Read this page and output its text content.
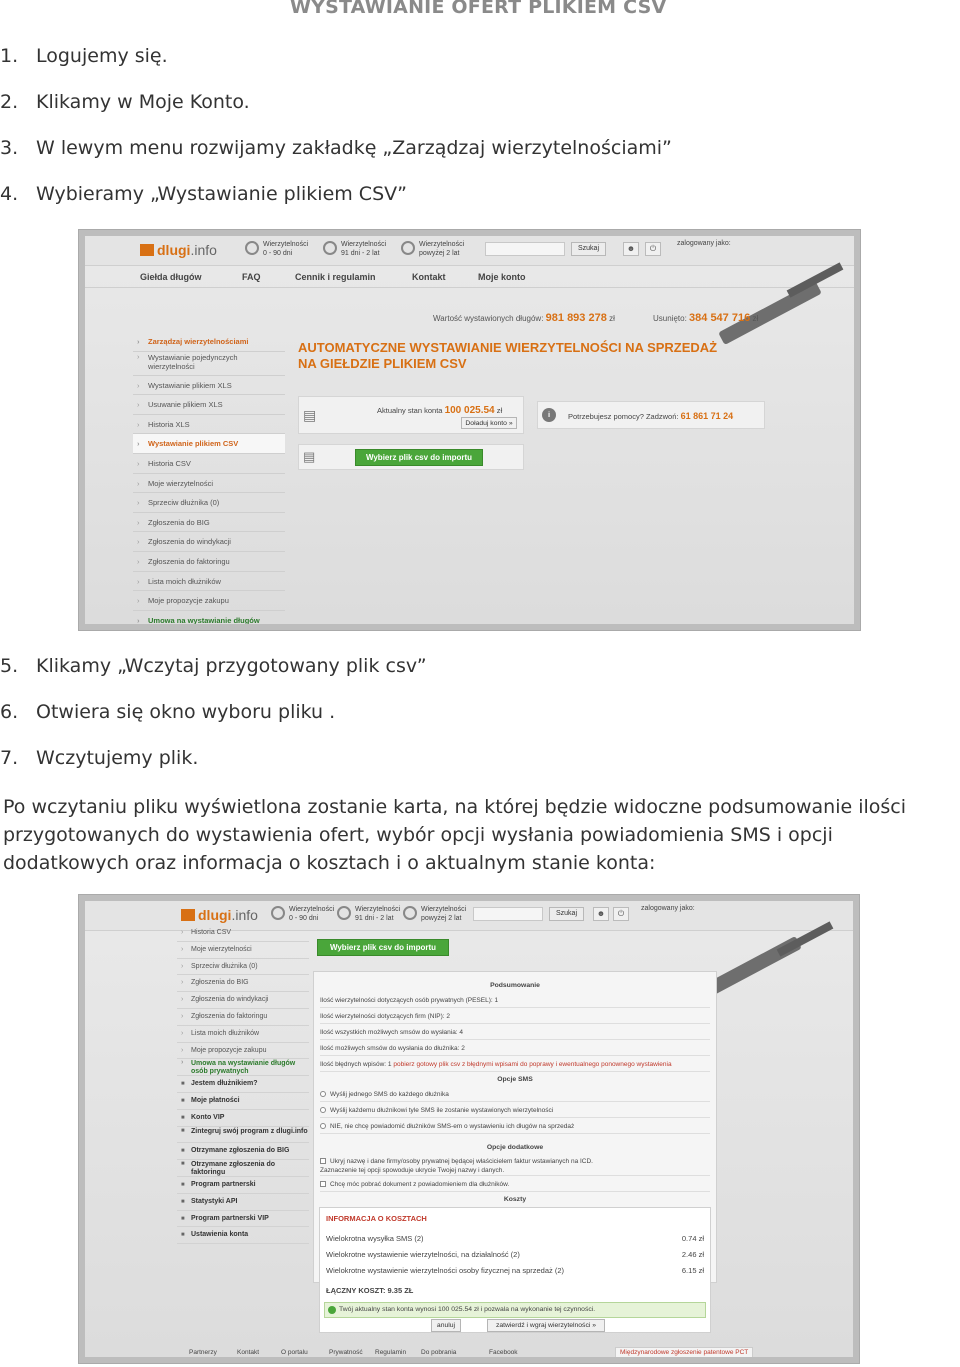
WYSTAWIANIE OFERT PLIKIEM CSV
1. Logujemy się.
2. Klikamy w Moje Konto.
3. W lewym menu rozwijamy zakładkę „Zarządzaj wierzytelnościami”
4. Wybieramy „Wystawianie plikiem CSV”
dlugi.info	Wierzytelności
0 - 90 dni
Wierzytelności
91 dni - 2 lat
Wierzytelności
powyżej 2 lat
Szukaj	☻	⏻
zalogowany jako:
Giełda długów	FAQ	Cennik i regulamin	Kontakt	Moje konto
› Zarządzaj wierzytelnościami
› Wystawianie pojedynczych wierzytelności
› Wystawianie plikiem XLS
› Usuwanie plikiem XLS
› Historia XLS
› Wystawianie plikiem CSV
› Historia CSV
› Moje wierzytelności
› Sprzeciw dłużnika (0)
› Zgłoszenia do BIG
› Zgłoszenia do windykacji
› Zgłoszenia do faktoringu
› Lista moich dłużników
› Moje propozycje zakupu
› Umowa na wystawianie długów
Wartość wystawionych długów: 981 893 278 zł	Usunięto: 384 547 716 zł
AUTOMATYCZNE WYSTAWIANIE WIERZYTELNOŚCI NA SPRZEDAŻ
NA GIEŁDZIE PLIKIEM CSV
▤	Aktualny stan konta 100 025.54 zł
Doładuj konto »
i	Potrzebujesz pomocy? Zadzwoń: 61 861 71 24
▤	Wybierz plik csv do importu
5. Klikamy „Wczytaj przygotowany plik csv”
6. Otwiera się okno wyboru pliku .
7. Wczytujemy plik.

Po wczytaniu pliku wyświetlona zostanie karta, na której będzie widoczne podsumowanie ilości przygotowanych do wystawienia ofert, wybór opcji wysłania powiadomienia SMS i opcji dodatkowych oraz informacja o kosztach i o aktualnym stanie konta:

dlugi.info	Wierzytelności
0 - 90 dni
Wierzytelności
91 dni - 2 lat
Wierzytelności
powyżej 2 lat
Szukaj	☻	⏻
zalogowany jako:
› Historia CSV
› Moje wierzytelności
› Sprzeciw dłużnika (0)
› Zgłoszenia do BIG
› Zgłoszenia do windykacji
› Zgłoszenia do faktoringu
› Lista moich dłużników
› Moje propozycje zakupu
› Umowa na wystawianie długów osób prywatnych
■ Jestem dłużnikiem?
■ Moje płatności
■ Konto VIP
■ Zintegruj swój program z dlugi.info
■ Otrzymane zgłoszenia do BIG
■ Otrzymane zgłoszenia do faktoringu
■ Program partnerski
■ Statystyki API
■ Program partnerski VIP
■ Ustawienia konta
Wybierz plik csv do importu
Podsumowanie
Ilość wierzytelności dotyczących osób prywatnych (PESEL): 1
Ilość wierzytelności dotyczących firm (NIP): 2
Ilość wszystkich możliwych smsów do wysłania: 4
Ilość możliwych smsów do wysłania do dłużnika: 2
Ilość błędnych wpisów: 1 pobierz gotowy plik csv z błędnymi wpisami do poprawy i ewentualnego ponownego wystawienia
Opcje SMS
Wyślij jednego SMS do każdego dłużnika
Wyślij każdemu dłużnikowi tyle SMS ile zostanie wystawionych wierzytelności
NIE, nie chcę powiadomić dłużników SMS-em o wystawieniu ich długów na sprzedaż
Opcje dodatkowe
Ukryj nazwę i dane firmy/osoby prywatnej będącej właścicielem faktur wstawianych na ICD.
Zaznaczenie tej opcji spowoduje ukrycie Twojej nazwy i danych.
Chcę móc pobrać dokument z powiadomieniem dla dłużników.
Koszty
INFORMACJA O KOSZTACH
Wielokrotna wysyłka SMS (2)	0.74 zł
Wielokrotne wystawienie wierzytelności, na działalność (2)	2.46 zł
Wielokrotne wystawienie wierzytelności osoby fizycznej na sprzedaż (2)	6.15 zł
ŁĄCZNY KOSZT: 9.35 ZŁ
Twój aktualny stan konta wynosi 100 025.54 zł i pozwala na wykonanie tej czynności.
anuluj	zatwierdź i wgraj wierzytelności »
Partnerzy	Kontakt	O portalu	Prywatność Regulamin Do pobrania	Facebook	Międzynarodowe zgłoszenie patentowe PCT
